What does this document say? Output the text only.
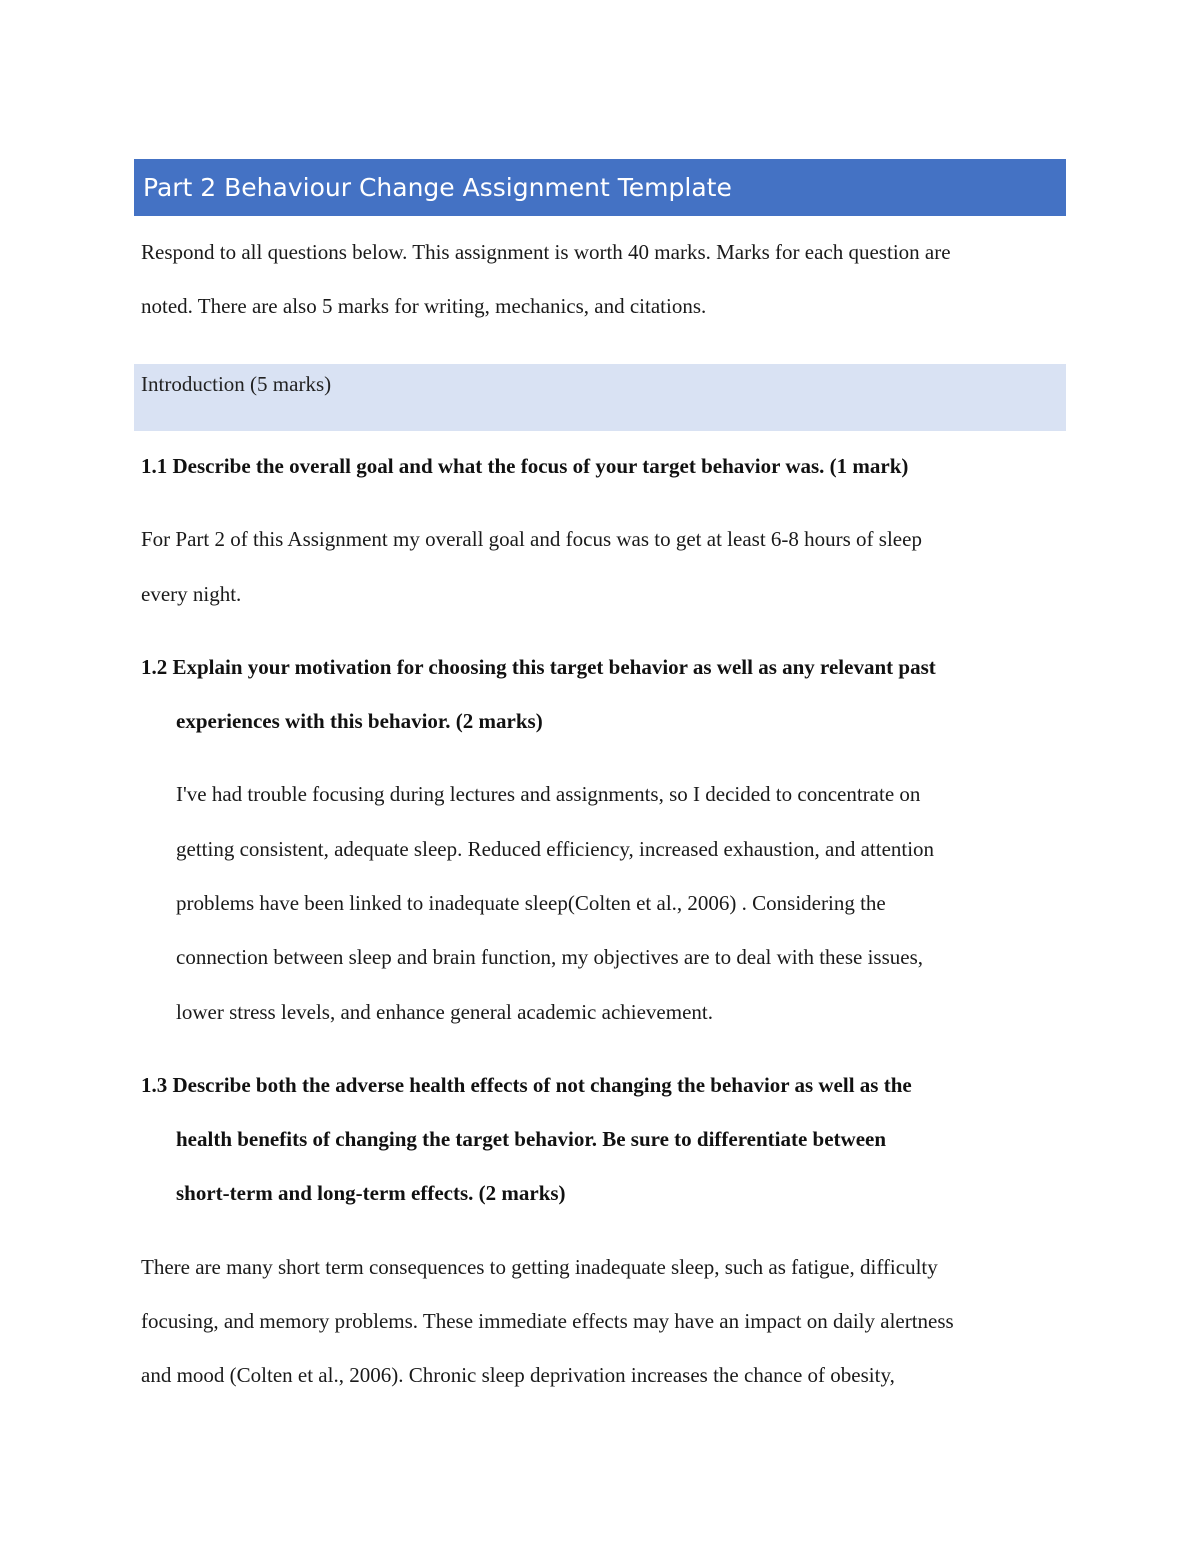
Part 2 Behaviour Change Assignment Template
Respond to all questions below. This assignment is worth 40 marks. Marks for each question are
noted. There are also 5 marks for writing, mechanics, and citations.
Introduction (5 marks)
1.1 Describe the overall goal and what the focus of your target behavior was. (1 mark)
For Part 2 of this Assignment my overall goal and focus was to get at least 6-8 hours of sleep
every night.
1.2 Explain your motivation for choosing this target behavior as well as any relevant past
experiences with this behavior. (2 marks)
I've had trouble focusing during lectures and assignments, so I decided to concentrate on
getting consistent, adequate sleep. Reduced efficiency, increased exhaustion, and attention
problems have been linked to inadequate sleep(Colten et al., 2006) . Considering the
connection between sleep and brain function, my objectives are to deal with these issues,
lower stress levels, and enhance general academic achievement.
1.3 Describe both the adverse health effects of not changing the behavior as well as the
health benefits of changing the target behavior. Be sure to differentiate between
short-term and long-term effects. (2 marks)
There are many short term consequences to getting inadequate sleep, such as fatigue, difficulty
focusing, and memory problems. These immediate effects may have an impact on daily alertness
and mood (Colten et al., 2006). Chronic sleep deprivation increases the chance of obesity,
